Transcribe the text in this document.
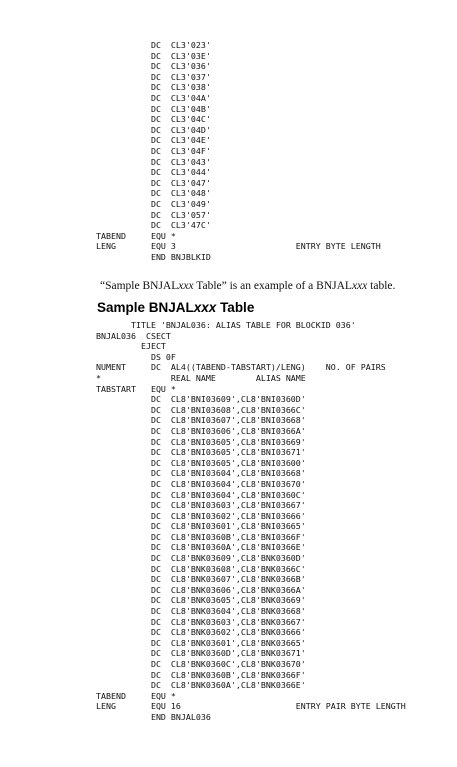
DC  CL3'023'
DC  CL3'03E'
DC  CL3'036'
DC  CL3'037'
DC  CL3'038'
DC  CL3'04A'
DC  CL3'04B'
DC  CL3'04C'
DC  CL3'04D'
DC  CL3'04E'
DC  CL3'04F'
DC  CL3'043'
DC  CL3'044'
DC  CL3'047'
DC  CL3'048'
DC  CL3'049'
DC  CL3'057'
DC  CL3'47C'
TABEND     EQU *
LENG       EQU 3                        ENTRY BYTE LENGTH
END BNJBLKID

“Sample BNJALxxx Table” is an example of a BNJALxxx table.

Sample BNJALxxx Table
TITLE 'BNJAL036: ALIAS TABLE FOR BLOCKID 036'
BNJAL036  CSECT
EJECT
DS 0F
NUMENT     DC  AL4((TABEND-TABSTART)/LENG)    NO. OF PAIRS
*              REAL NAME        ALIAS NAME
TABSTART   EQU *
DC  CL8'BNI03609',CL8'BNI0360D'
DC  CL8'BNI03608',CL8'BNI0366C'
DC  CL8'BNI03607',CL8'BNI03668'
DC  CL8'BNI03606',CL8'BNI0366A'
DC  CL8'BNI03605',CL8'BNI03669'
DC  CL8'BNI03605',CL8'BNI03671'
DC  CL8'BNI03605',CL8'BNI03600'
DC  CL8'BNI03604',CL8'BNI03668'
DC  CL8'BNI03604',CL8'BNI03670'
DC  CL8'BNI03604',CL8'BNI0360C'
DC  CL8'BNI03603',CL8'BNI03667'
DC  CL8'BNI03602',CL8'BNI03666'
DC  CL8'BNI03601',CL8'BNI03665'
DC  CL8'BNI0360B',CL8'BNI0366F'
DC  CL8'BNI0360A',CL8'BNI0366E'
DC  CL8'BNK03609',CL8'BNK0360D'
DC  CL8'BNK03608',CL8'BNK0366C'
DC  CL8'BNK03607',CL8'BNK0366B'
DC  CL8'BNK03606',CL8'BNK0366A'
DC  CL8'BNK03605',CL8'BNK03669'
DC  CL8'BNK03604',CL8'BNK03668'
DC  CL8'BNK03603',CL8'BNK03667'
DC  CL8'BNK03602',CL8'BNK03666'
DC  CL8'BNK03601',CL8'BNK03665'
DC  CL8'BNK0360D',CL8'BNK03671'
DC  CL8'BNK0360C',CL8'BNK03670'
DC  CL8'BNK0360B',CL8'BNK0366F'
DC  CL8'BNK0360A',CL8'BNK0366E'
TABEND     EQU *
LENG       EQU 16                       ENTRY PAIR BYTE LENGTH
END BNJAL036
